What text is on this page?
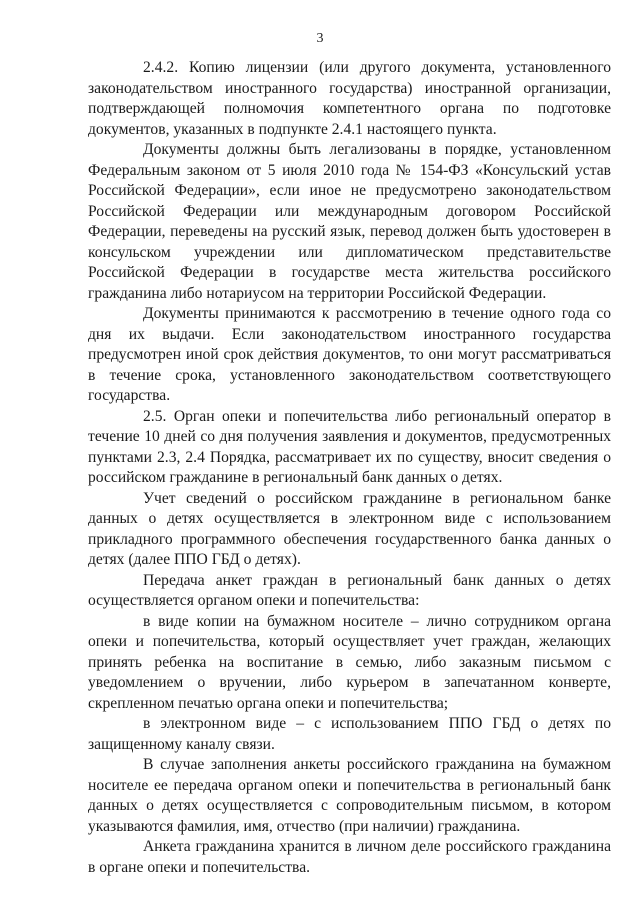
3

2.4.2. Копию лицензии (или другого документа, установленного законодательством иностранного государства) иностранной организации, подтверждающей полномочия компетентного органа по подготовке документов, указанных в подпункте 2.4.1 настоящего пункта.

Документы должны быть легализованы в порядке, установленном Федеральным законом от 5 июля 2010 года № 154-ФЗ «Консульский устав Российской Федерации», если иное не предусмотрено законодательством Российской Федерации или международным договором Российской Федерации, переведены на русский язык, перевод должен быть удостоверен в консульском учреждении или дипломатическом представительстве Российской Федерации в государстве места жительства российского гражданина либо нотариусом на территории Российской Федерации.

Документы принимаются к рассмотрению в течение одного года со дня их выдачи. Если законодательством иностранного государства предусмотрен иной срок действия документов, то они могут рассматриваться в течение срока, установленного законодательством соответствующего государства.

2.5. Орган опеки и попечительства либо региональный оператор в течение 10 дней со дня получения заявления и документов, предусмотренных пунктами 2.3, 2.4 Порядка, рассматривает их по существу, вносит сведения о российском гражданине в региональный банк данных о детях.

Учет сведений о российском гражданине в региональном банке данных о детях осуществляется в электронном виде с использованием прикладного программного обеспечения государственного банка данных о детях (далее ППО ГБД о детях).

Передача анкет граждан в региональный банк данных о детях осуществляется органом опеки и попечительства:

в виде копии на бумажном носителе – лично сотрудником органа опеки и попечительства, который осуществляет учет граждан, желающих принять ребенка на воспитание в семью, либо заказным письмом с уведомлением о вручении, либо курьером в запечатанном конверте, скрепленном печатью органа опеки и попечительства;

в электронном виде – с использованием ППО ГБД о детях по защищенному каналу связи.

В случае заполнения анкеты российского гражданина на бумажном носителе ее передача органом опеки и попечительства в региональный банк данных о детях осуществляется с сопроводительным письмом, в котором указываются фамилия, имя, отчество (при наличии) гражданина.

Анкета гражданина хранится в личном деле российского гражданина в органе опеки и попечительства.
